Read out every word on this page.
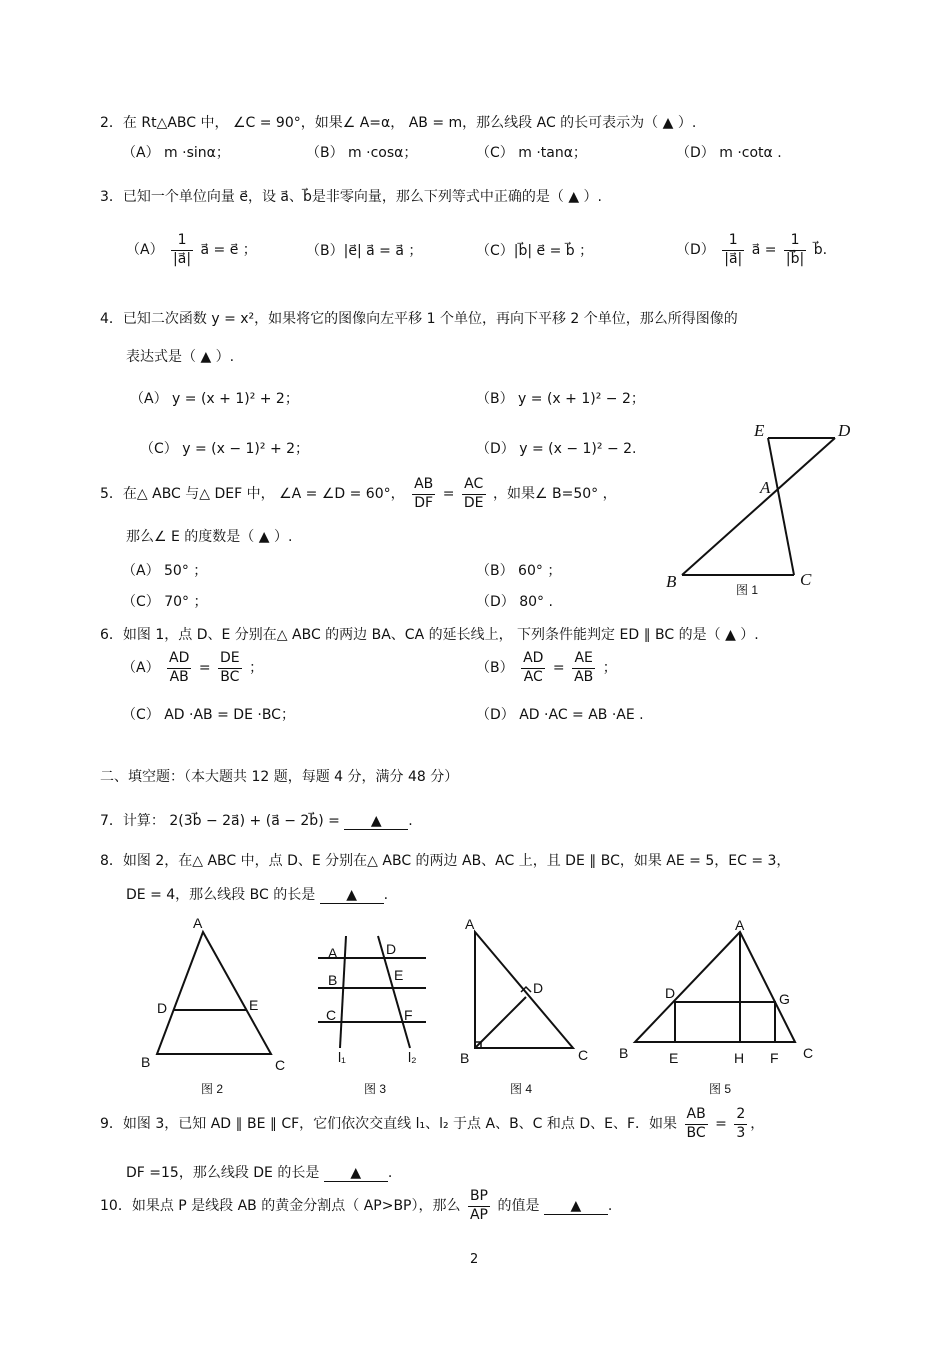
2．在 Rt△ABC 中， ∠C = 90°，如果∠ A=α， AB = m，那么线段 AC 的长可表示为（ ▲ ）.
（A） m ·sinα；	（B） m ·cosα；	（C） m ·tanα；	（D） m ·cotα .
3．已知一个单位向量 e⃗，设 a⃗、b⃗是非零向量，那么下列等式中正确的是（ ▲ ）.
$(A) \frac{1}{|a⃗|}$ a⃗ = e⃗ ；	（B）|e⃗| a⃗ = a⃗ ；	（C）|b⃗| e⃗ = b⃗ ；	$(D) \frac{1}{|a⃗|}$ a⃗ = $\frac{1}{|b⃗|}$ b⃗.
4．已知二次函数 y = x²，如果将它的图像向左平移 1 个单位，再向下平移 2 个单位，那么所得图像的
表达式是（ ▲ ）.
（A） y = (x + 1)² + 2；	（B） y = (x + 1)² − 2；
（C） y = (x − 1)² + 2；	（D） y = (x − 1)² − 2.
E	D
A
B	C
图 1
5．在△ ABC 与△ DEF 中， ∠A = ∠D = 60°， $\frac{AB}{DF} = \frac{AC}{DE}$ ，如果∠ B=50° ，
那么∠ E 的度数是（ ▲ ）.
（A） 50° ；	（B） 60° ；
（C） 70° ；	（D） 80° .
6．如图 1，点 D、E 分别在△ ABC 的两边 BA、CA 的延长线上， 下列条件能判定 ED ∥ BC 的是（ ▲ ）.
$(A) \frac{AD}{AB} = \frac{DE}{BC}$ ；	$(B) \frac{AD}{AC} = \frac{AE}{AB}$ ；
（C） AD ·AB = DE ·BC；	（D） AD ·AC = AB ·AE .
二、填空题：（本大题共 12 题，每题 4 分，满分 48 分）
7．计算： 2(3b⃗ − 2a⃗) + (a⃗ − 2b⃗) = ▲ .
8．如图 2，在△ ABC 中，点 D、E 分别在△ ABC 的两边 AB、AC 上，且 DE ∥ BC，如果 AE = 5，EC = 3，
DE = 4，那么线段 BC 的长是 ▲ .
A
D	E
B	C
图 2
A	D
B	E
C	F
l₁	l₂
图 3
A
D
B	C
图 4
A
D	G
B	E	H F C
图 5
9．如图 3，已知 AD ∥ BE ∥ CF，它们依次交直线 l₁、l₂ 于点 A、B、C 和点 D、E、F．如果 $\frac{AB}{BC} = \frac{2}{3}$ ，
DF =15，那么线段 DE 的长是 ▲ .
10．如果点 P 是线段 AB 的黄金分割点（ AP>BP），那么 $\frac{BP}{AP}$ 的值是 ▲ .
2
